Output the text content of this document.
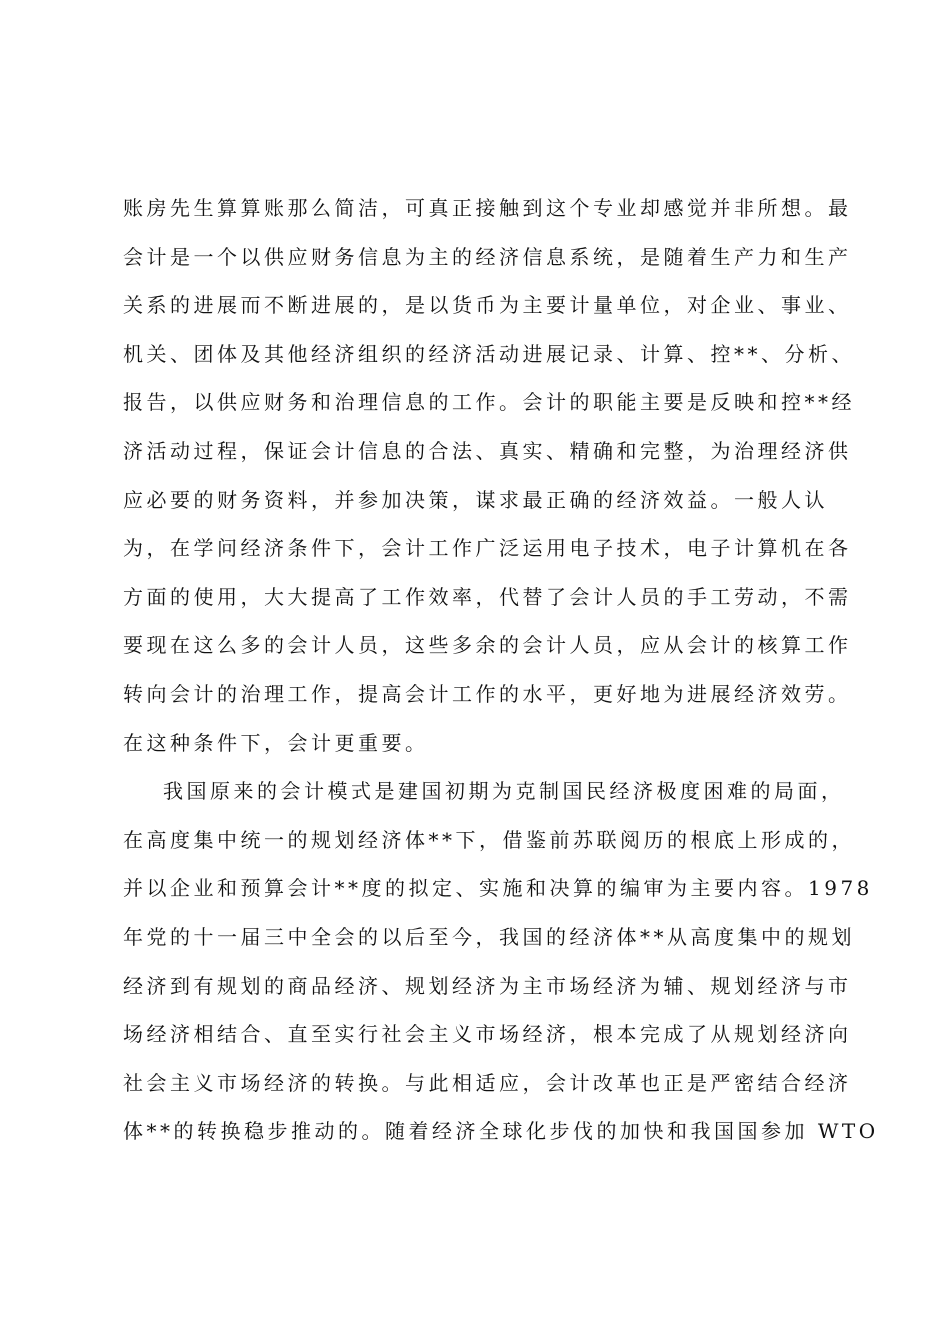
账房先生算算账那么简洁，可真正接触到这个专业却感觉并非所想。最
会计是一个以供应财务信息为主的经济信息系统，是随着生产力和生产
关系的进展而不断进展的，是以货币为主要计量单位，对企业、事业、
机关、团体及其他经济组织的经济活动进展记录、计算、控**、分析、
报告，以供应财务和治理信息的工作。会计的职能主要是反映和控**经
济活动过程，保证会计信息的合法、真实、精确和完整，为治理经济供
应必要的财务资料，并参加决策，谋求最正确的经济效益。一般人认
为，在学问经济条件下，会计工作广泛运用电子技术，电子计算机在各
方面的使用，大大提高了工作效率，代替了会计人员的手工劳动，不需
要现在这么多的会计人员，这些多余的会计人员，应从会计的核算工作
转向会计的治理工作，提高会计工作的水平，更好地为进展经济效劳。
在这种条件下，会计更重要。
我国原来的会计模式是建国初期为克制国民经济极度困难的局面，
在高度集中统一的规划经济体**下，借鉴前苏联阅历的根底上形成的，
并以企业和预算会计**度的拟定、实施和决算的编审为主要内容。1978
年党的十一届三中全会的以后至今，我国的经济体**从高度集中的规划
经济到有规划的商品经济、规划经济为主市场经济为辅、规划经济与市
场经济相结合、直至实行社会主义市场经济，根本完成了从规划经济向
社会主义市场经济的转换。与此相适应，会计改革也正是严密结合经济
体**的转换稳步推动的。随着经济全球化步伐的加快和我国国参加 WTO
